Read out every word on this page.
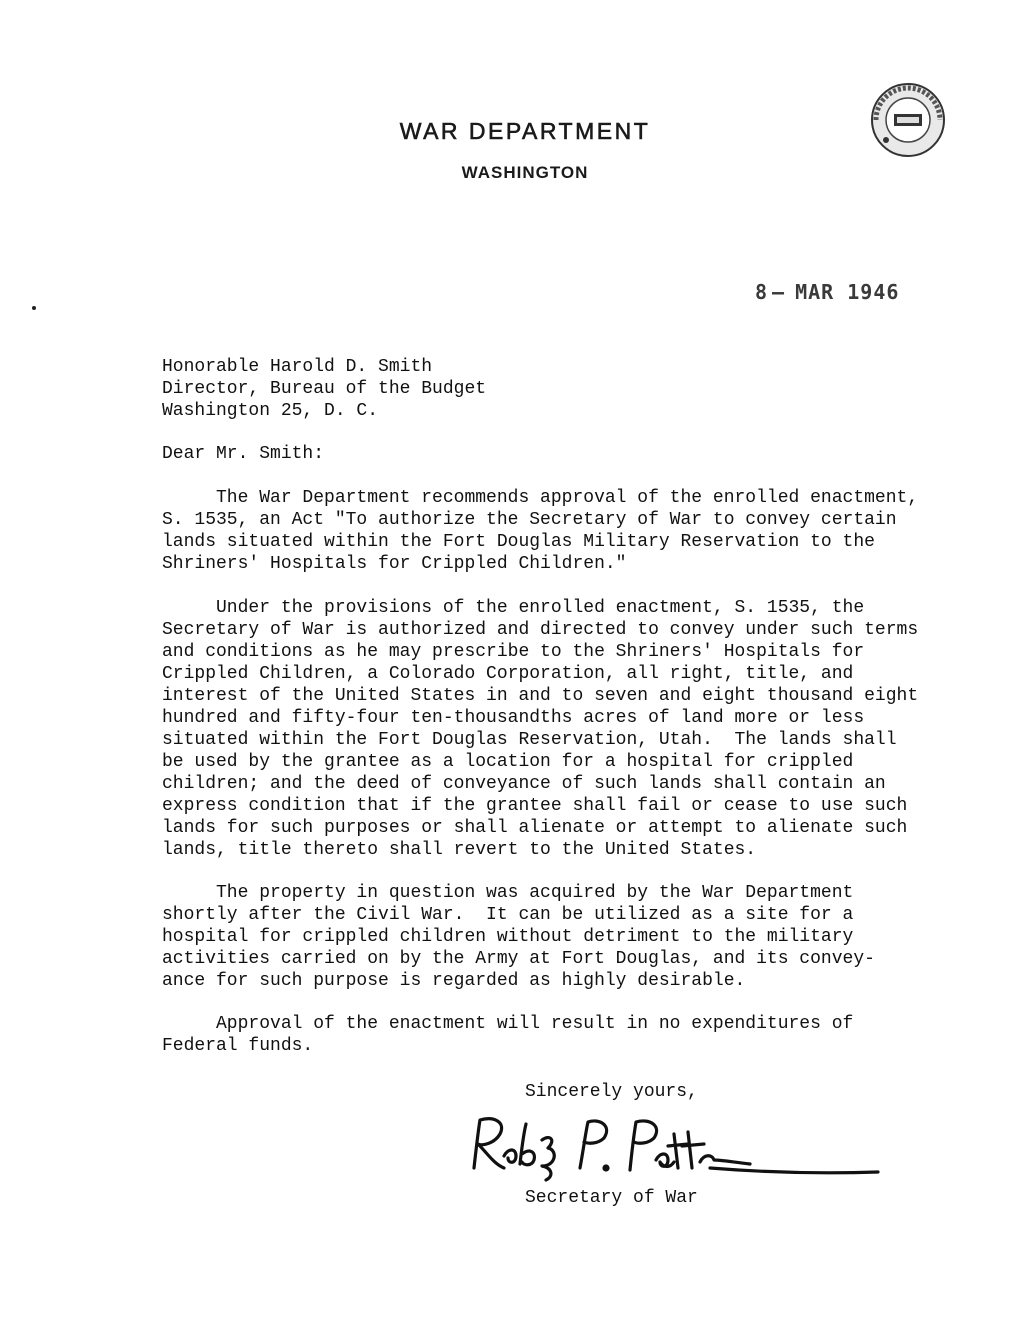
WAR DEPARTMENT
WASHINGTON
8 – MAR 1946
Honorable Harold D. Smith
Director, Bureau of the Budget
Washington 25, D. C.
Dear Mr. Smith:
The War Department recommends approval of the enrolled enactment,
S. 1535, an Act "To authorize the Secretary of War to convey certain
lands situated within the Fort Douglas Military Reservation to the
Shriners' Hospitals for Crippled Children."
Under the provisions of the enrolled enactment, S. 1535, the
Secretary of War is authorized and directed to convey under such terms
and conditions as he may prescribe to the Shriners' Hospitals for
Crippled Children, a Colorado Corporation, all right, title, and
interest of the United States in and to seven and eight thousand eight
hundred and fifty-four ten-thousandths acres of land more or less
situated within the Fort Douglas Reservation, Utah.  The lands shall
be used by the grantee as a location for a hospital for crippled
children; and the deed of conveyance of such lands shall contain an
express condition that if the grantee shall fail or cease to use such
lands for such purposes or shall alienate or attempt to alienate such
lands, title thereto shall revert to the United States.
The property in question was acquired by the War Department
shortly after the Civil War.  It can be utilized as a site for a
hospital for crippled children without detriment to the military
activities carried on by the Army at Fort Douglas, and its convey-
ance for such purpose is regarded as highly desirable.
Approval of the enactment will result in no expenditures of
Federal funds.
Sincerely yours,
Secretary of War
